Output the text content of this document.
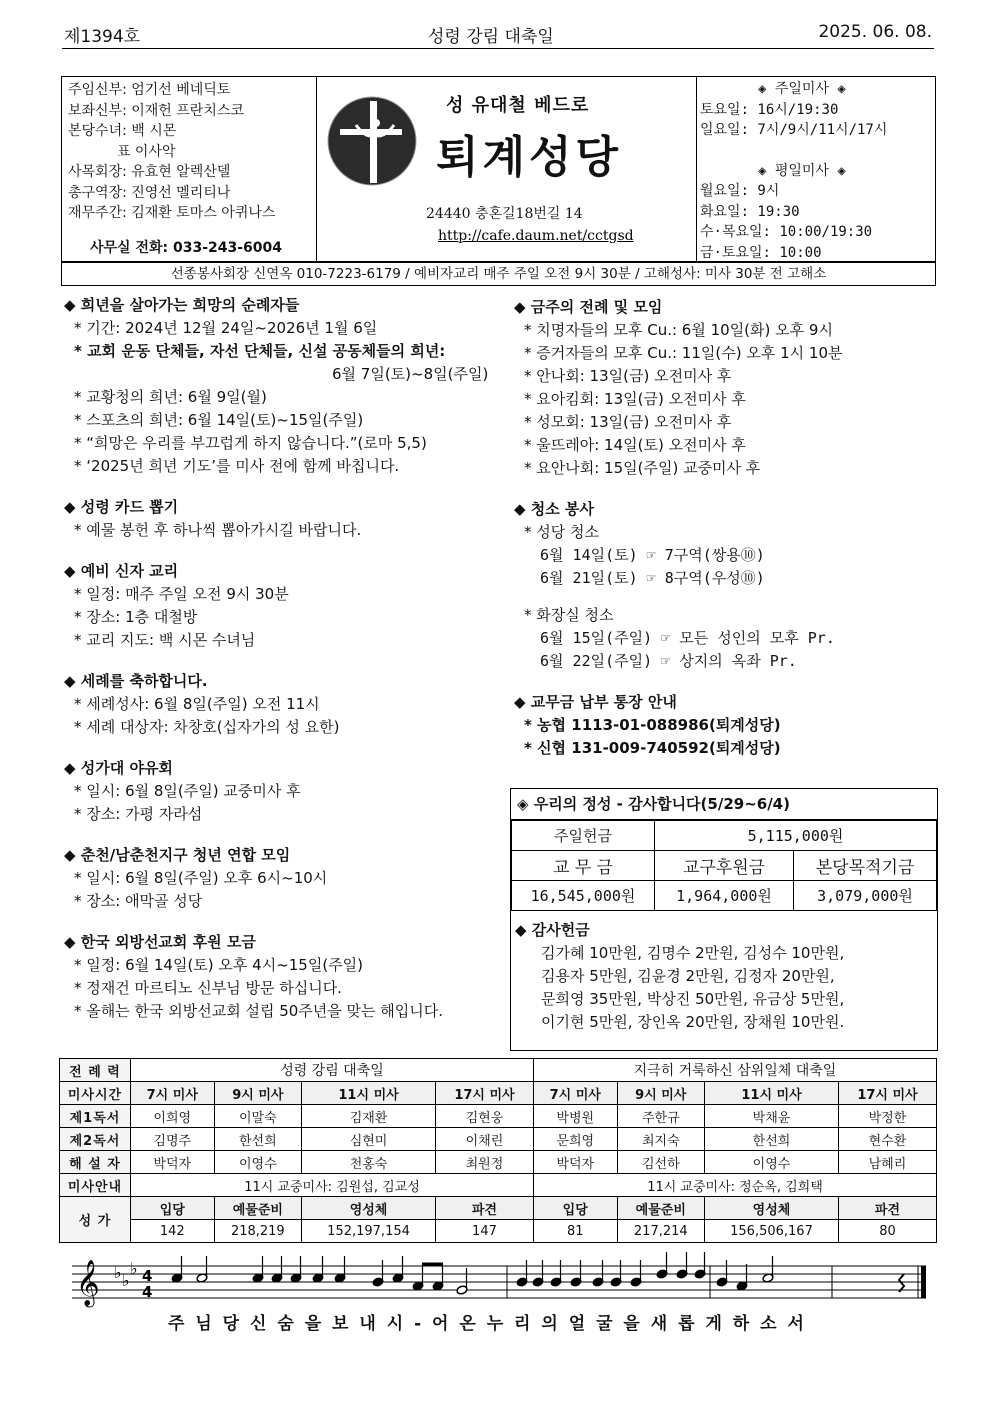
제1394호	성령 강림 대축일	2025. 06. 08.
주임신부: 엄기선 베네딕토
보좌신부: 이재헌 프란치스코
본당수녀: 백 시몬
표 이사악
사목회장: 유효현 알렉산델
총구역장: 진영선 멜리티나
재무주간: 김재환 토마스 아퀴나스
사무실 전화: 033-243-6004
성 유대철 베드로
퇴계성당
24440 충혼길18번길 14
http://cafe.daum.net/cctgsd
◈ 주일미사 ◈
토요일: 16시/19:30
일요일: 7시/9시/11시/17시
◈ 평일미사 ◈
월요일: 9시
화요일: 19:30
수·목요일: 10:00/19:30
금·토요일: 10:00
선종봉사회장 신연옥 010-7223-6179 / 예비자교리 매주 주일 오전 9시 30분 / 고해성사: 미사 30분 전 고해소
◆ 희년을 살아가는 희망의 순례자들
* 기간: 2024년 12월 24일~2026년 1월 6일
* 교회 운동 단체들, 자선 단체들, 신설 공동체들의 희년:
6월 7일(토)~8일(주일)
* 교황청의 희년: 6월 9일(월)
* 스포츠의 희년: 6월 14일(토)~15일(주일)
* “희망은 우리를 부끄럽게 하지 않습니다.”(로마 5,5)
* ‘2025년 희년 기도’를 미사 전에 함께 바칩니다.
◆ 성령 카드 뽑기
* 예물 봉헌 후 하나씩 뽑아가시길 바랍니다.
◆ 예비 신자 교리
* 일정: 매주 주일 오전 9시 30분
* 장소: 1층 대철방
* 교리 지도: 백 시몬 수녀님
◆ 세례를 축하합니다.
* 세례성사: 6월 8일(주일) 오전 11시
* 세례 대상자: 차창호(십자가의 성 요한)
◆ 성가대 야유회
* 일시: 6월 8일(주일) 교중미사 후
* 장소: 가평 자라섬
◆ 춘천/남춘천지구 청년 연합 모임
* 일시: 6월 8일(주일) 오후 6시~10시
* 장소: 애막골 성당
◆ 한국 외방선교회 후원 모금
* 일정: 6월 14일(토) 오후 4시~15일(주일)
* 정재건 마르티노 신부님 방문 하십니다.
* 올해는 한국 외방선교회 설립 50주년을 맞는 해입니다.
◆ 금주의 전례 및 모임
* 치명자들의 모후 Cu.: 6월 10일(화) 오후 9시
* 증거자들의 모후 Cu.: 11일(수) 오후 1시 10분
* 안나회: 13일(금) 오전미사 후
* 요아킴회: 13일(금) 오전미사 후
* 성모회: 13일(금) 오전미사 후
* 울뜨레아: 14일(토) 오전미사 후
* 요안나회: 15일(주일) 교중미사 후
◆ 청소 봉사
* 성당 청소
6월 14일(토) ☞ 7구역(쌍용⑩)
6월 21일(토) ☞ 8구역(우성⑩)
* 화장실 청소
6월 15일(주일) ☞ 모든 성인의 모후 Pr.
6월 22일(주일) ☞ 상지의 옥좌 Pr.
◆ 교무금 납부 통장 안내
* 농협 1113-01-088986(퇴계성당)
* 신협 131-009-740592(퇴계성당)
◈ 우리의 정성 - 감사합니다(5/29~6/4)
주일헌금	5,115,000원	
교 무 금	교구후원금	본당목적기금
16,545,000원	1,964,000원	3,079,000원
◆ 감사헌금
김가혜 10만원, 김명수 2만원, 김성수 10만원,
김용자 5만원, 김윤경 2만원, 김정자 20만원,
문희영 35만원, 박상진 50만원, 유금상 5만원,
이기현 5만원, 장인옥 20만원, 장채원 10만원.
전 례 력	성령 강림 대축일				지극히 거룩하신 삼위일체 대축일			
미사시간	7시 미사	9시 미사	11시 미사	17시 미사	7시 미사	9시 미사	11시 미사	17시 미사
제1독서	이희영	이말숙	김재환	김현웅	박병원	주한규	박채윤	박정한
제2독서	김명주	한선희	심현미	이채린	문희영	최지숙	한선희	현수환
해 설 자	박덕자	이영수	천홍숙	최원정	박덕자	김선하	이영수	남혜리
미사안내	11시 교중미사: 김원섭, 김교성				11시 교중미사: 정순옥, 김희택			
성 가	입당	예물준비	영성체	파견	입당	예물준비	영성체	파견
	142	218,219	152,197,154	147	81	217,214	156,506,167	80
𝄞 ♭ ♭
♭ 4
4
주 님 당 신 숨 을 보 내 시 - 어 온 누 리 의 얼 굴 을 새 롭 게 하 소 서
